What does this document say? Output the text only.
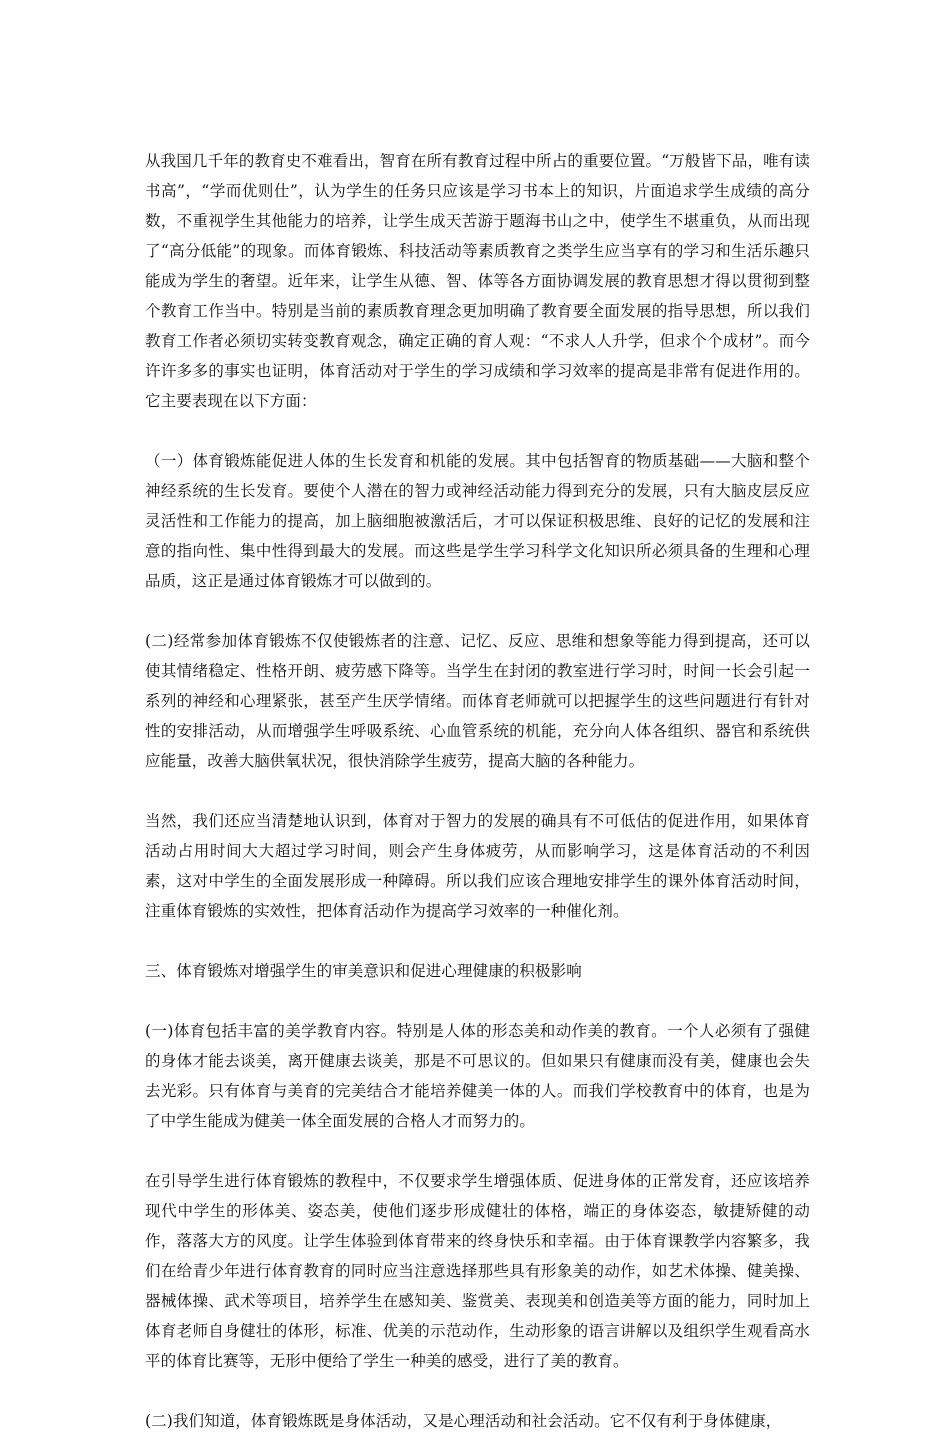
从我国几千年的教育史不难看出，智育在所有教育过程中所占的重要位置。“万般皆下品，唯有读书高”，“学而优则仕”，认为学生的任务只应该是学习书本上的知识，片面追求学生成绩的高分数，不重视学生其他能力的培养，让学生成天苦游于题海书山之中，使学生不堪重负，从而出现了“高分低能”的现象。而体育锻炼、科技活动等素质教育之类学生应当享有的学习和生活乐趣只能成为学生的奢望。近年来，让学生从德、智、体等各方面协调发展的教育思想才得以贯彻到整个教育工作当中。特别是当前的素质教育理念更加明确了教育要全面发展的指导思想，所以我们教育工作者必须切实转变教育观念，确定正确的育人观：“不求人人升学，但求个个成材”。而今许许多多的事实也证明，体育活动对于学生的学习成绩和学习效率的提高是非常有促进作用的。它主要表现在以下方面：

（一）体育锻炼能促进人体的生长发育和机能的发展。其中包括智育的物质基础——大脑和整个神经系统的生长发育。要使个人潜在的智力或神经活动能力得到充分的发展，只有大脑皮层反应灵活性和工作能力的提高，加上脑细胞被激活后，才可以保证积极思维、良好的记忆的发展和注意的指向性、集中性得到最大的发展。而这些是学生学习科学文化知识所必须具备的生理和心理品质，这正是通过体育锻炼才可以做到的。

(二)经常参加体育锻炼不仅使锻炼者的注意、记忆、反应、思维和想象等能力得到提高，还可以使其情绪稳定、性格开朗、疲劳感下降等。当学生在封闭的教室进行学习时，时间一长会引起一系列的神经和心理紧张，甚至产生厌学情绪。而体育老师就可以把握学生的这些问题进行有针对性的安排活动，从而增强学生呼吸系统、心血管系统的机能，充分向人体各组织、器官和系统供应能量，改善大脑供氧状况，很快消除学生疲劳，提高大脑的各种能力。

当然，我们还应当清楚地认识到，体育对于智力的发展的确具有不可低估的促进作用，如果体育活动占用时间大大超过学习时间，则会产生身体疲劳，从而影响学习，这是体育活动的不利因素，这对中学生的全面发展形成一种障碍。所以我们应该合理地安排学生的课外体育活动时间，注重体育锻炼的实效性，把体育活动作为提高学习效率的一种催化剂。

三、体育锻炼对增强学生的审美意识和促进心理健康的积极影响

(一)体育包括丰富的美学教育内容。特别是人体的形态美和动作美的教育。一个人必须有了强健的身体才能去谈美，离开健康去谈美，那是不可思议的。但如果只有健康而没有美，健康也会失去光彩。只有体育与美育的完美结合才能培养健美一体的人。而我们学校教育中的体育，也是为了中学生能成为健美一体全面发展的合格人才而努力的。

在引导学生进行体育锻炼的教程中，不仅要求学生增强体质、促进身体的正常发育，还应该培养现代中学生的形体美、姿态美，使他们逐步形成健壮的体格，端正的身体姿态，敏捷矫健的动作，落落大方的风度。让学生体验到体育带来的终身快乐和幸福。由于体育课教学内容繁多，我们在给青少年进行体育教育的同时应当注意选择那些具有形象美的动作，如艺术体操、健美操、器械体操、武术等项目，培养学生在感知美、鉴赏美、表现美和创造美等方面的能力，同时加上体育老师自身健壮的体形，标准、优美的示范动作，生动形象的语言讲解以及组织学生观看高水平的体育比赛等，无形中便给了学生一种美的感受，进行了美的教育。

(二)我们知道，体育锻炼既是身体活动，又是心理活动和社会活动。它不仅有利于身体健康，
